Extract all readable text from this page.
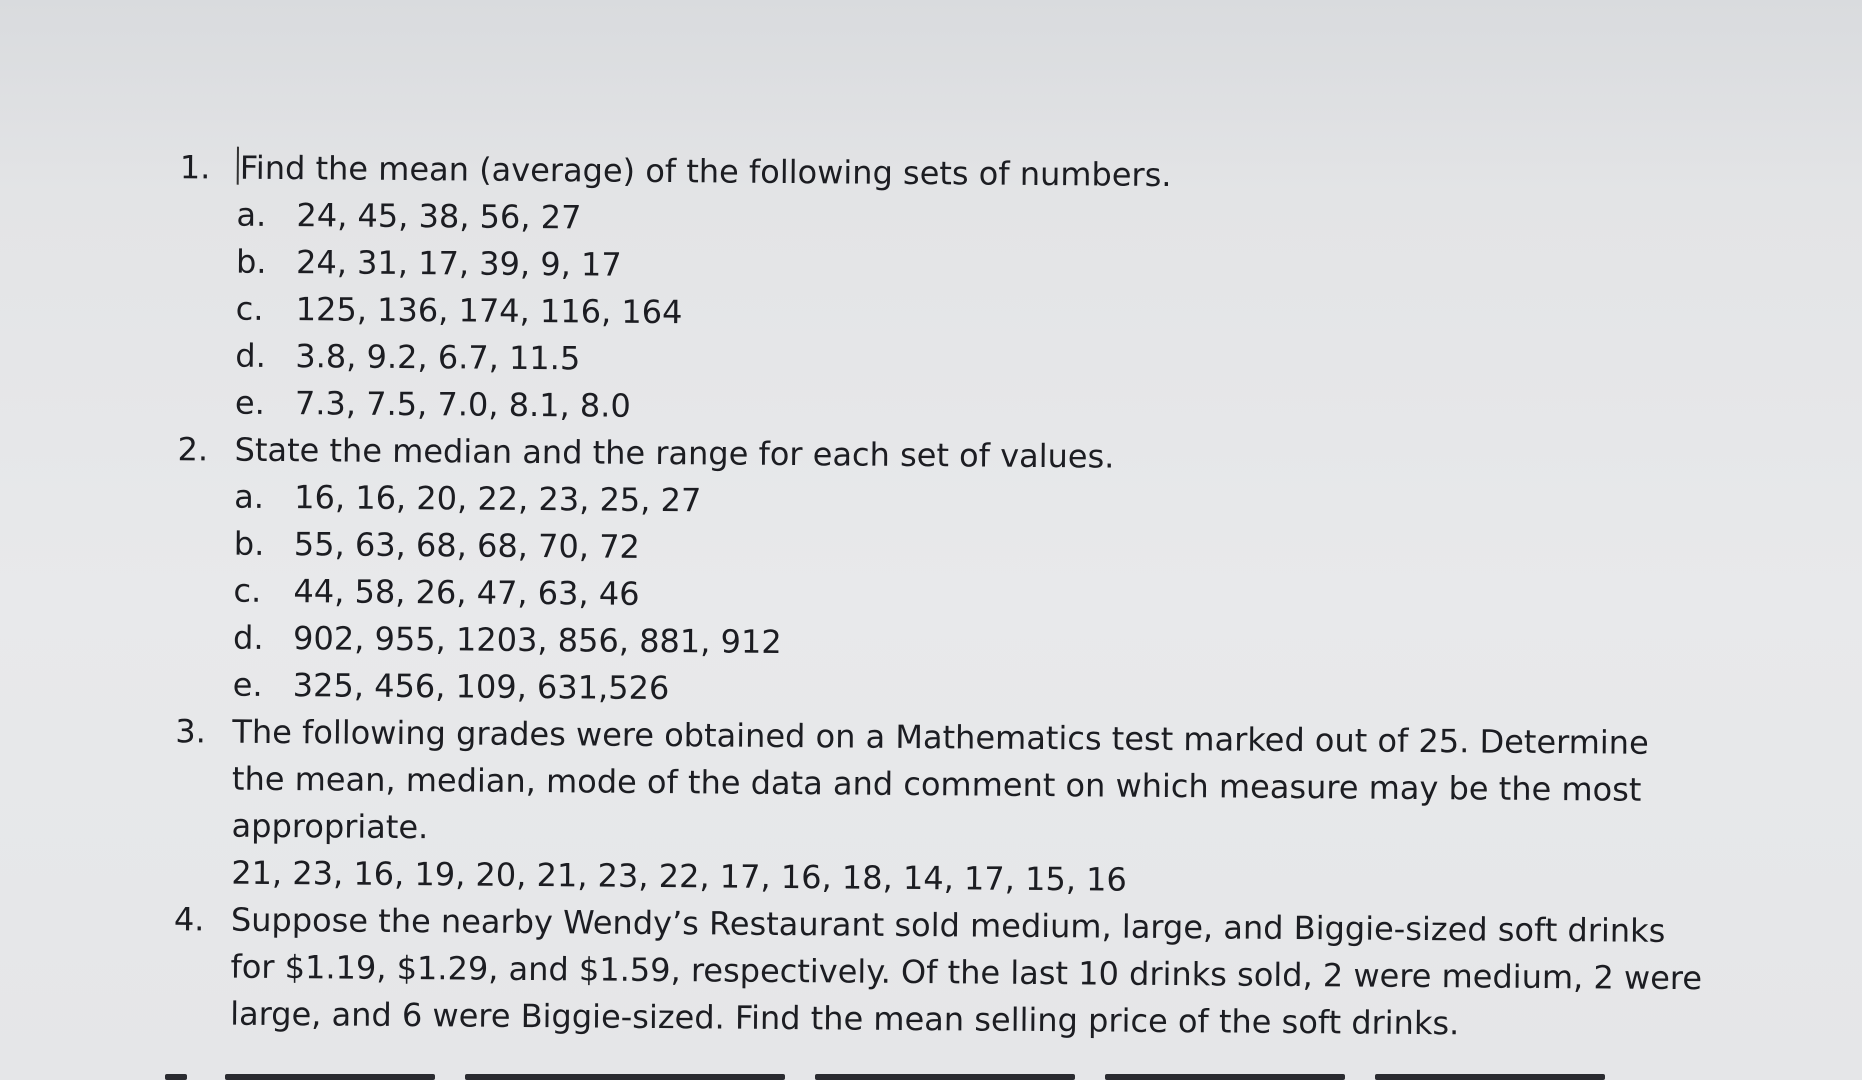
1. Find the mean (average) of the following sets of numbers.
a. 24, 45, 38, 56, 27
b. 24, 31, 17, 39, 9, 17
c. 125, 136, 174, 116, 164
d. 3.8, 9.2, 6.7, 11.5
e. 7.3, 7.5, 7.0, 8.1, 8.0
2. State the median and the range for each set of values.
a. 16, 16, 20, 22, 23, 25, 27
b. 55, 63, 68, 68, 70, 72
c. 44, 58, 26, 47, 63, 46
d. 902, 955, 1203, 856, 881, 912
e. 325, 456, 109, 631,526
3. The following grades were obtained on a Mathematics test marked out of 25. Determine the mean, median, mode of the data and comment on which measure may be the most appropriate.
21, 23, 16, 19, 20, 21, 23, 22, 17, 16, 18, 14, 17, 15, 16
4. Suppose the nearby Wendy’s Restaurant sold medium, large, and Biggie-sized soft drinks for $1.19, $1.29, and $1.59, respectively. Of the last 10 drinks sold, 2 were medium, 2 were large, and 6 were Biggie-sized. Find the mean selling price of the soft drinks.
